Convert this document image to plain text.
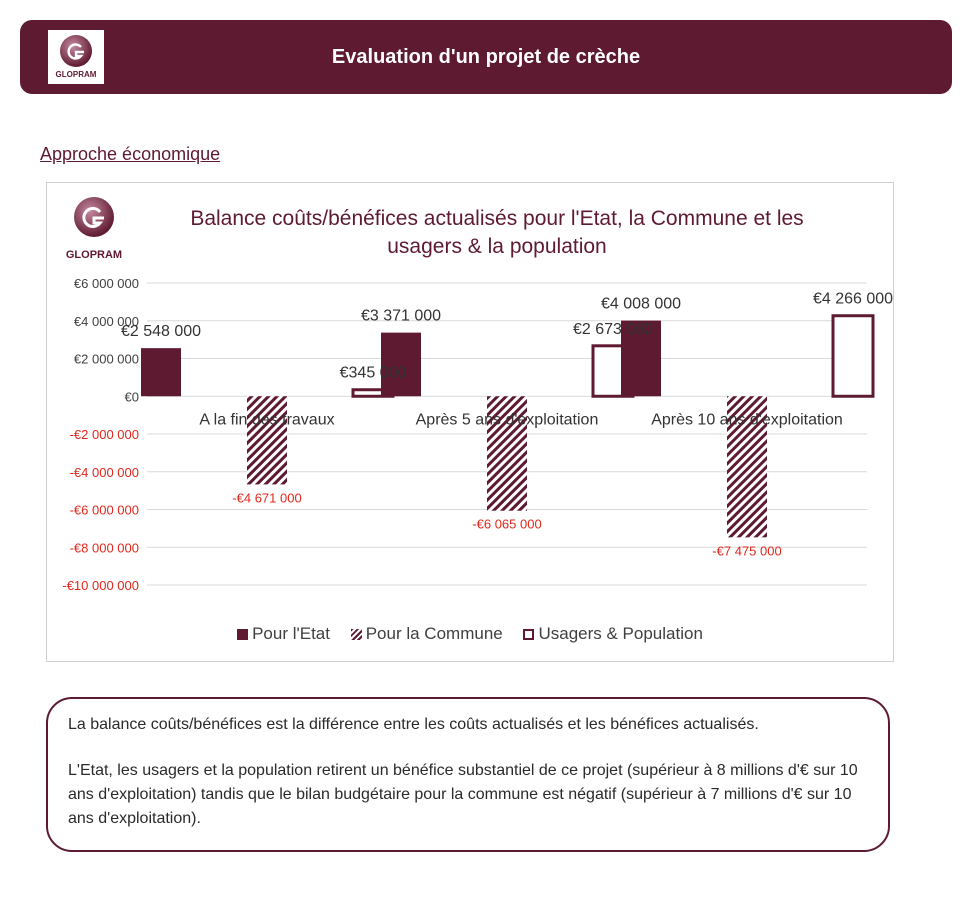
GLOPRAM
Evaluation d'un projet de crèche
Approche économique
GLOPRAM
Balance coûts/bénéfices actualisés pour l'Etat, la Commune et les
usagers & la population
€6 000 000
€4 000 000
€2 000 000
€0
-€2 000 000
-€4 000 000
-€6 000 000
-€8 000 000
-€10 000 000
€2 548 000
-€4 671 000
€345 000
A la fin des travaux
€3 371 000
-€6 065 000
€2 673 000
Après 5 ans d'exploitation
€4 008 000
-€7 475 000
€4 266 000
Après 10 ans d'exploitation
Pour l'Etat Pour la Commune Usagers & Population

La balance coûts/bénéfices est la différence entre les coûts actualisés et les bénéfices actualisés.

L'Etat, les usagers et la population retirent un bénéfice substantiel de ce projet (supérieur à 8 millions d'€ sur 10 ans d'exploitation) tandis que le bilan budgétaire pour la commune est négatif (supérieur à 7 millions d'€ sur 10 ans d'exploitation).
